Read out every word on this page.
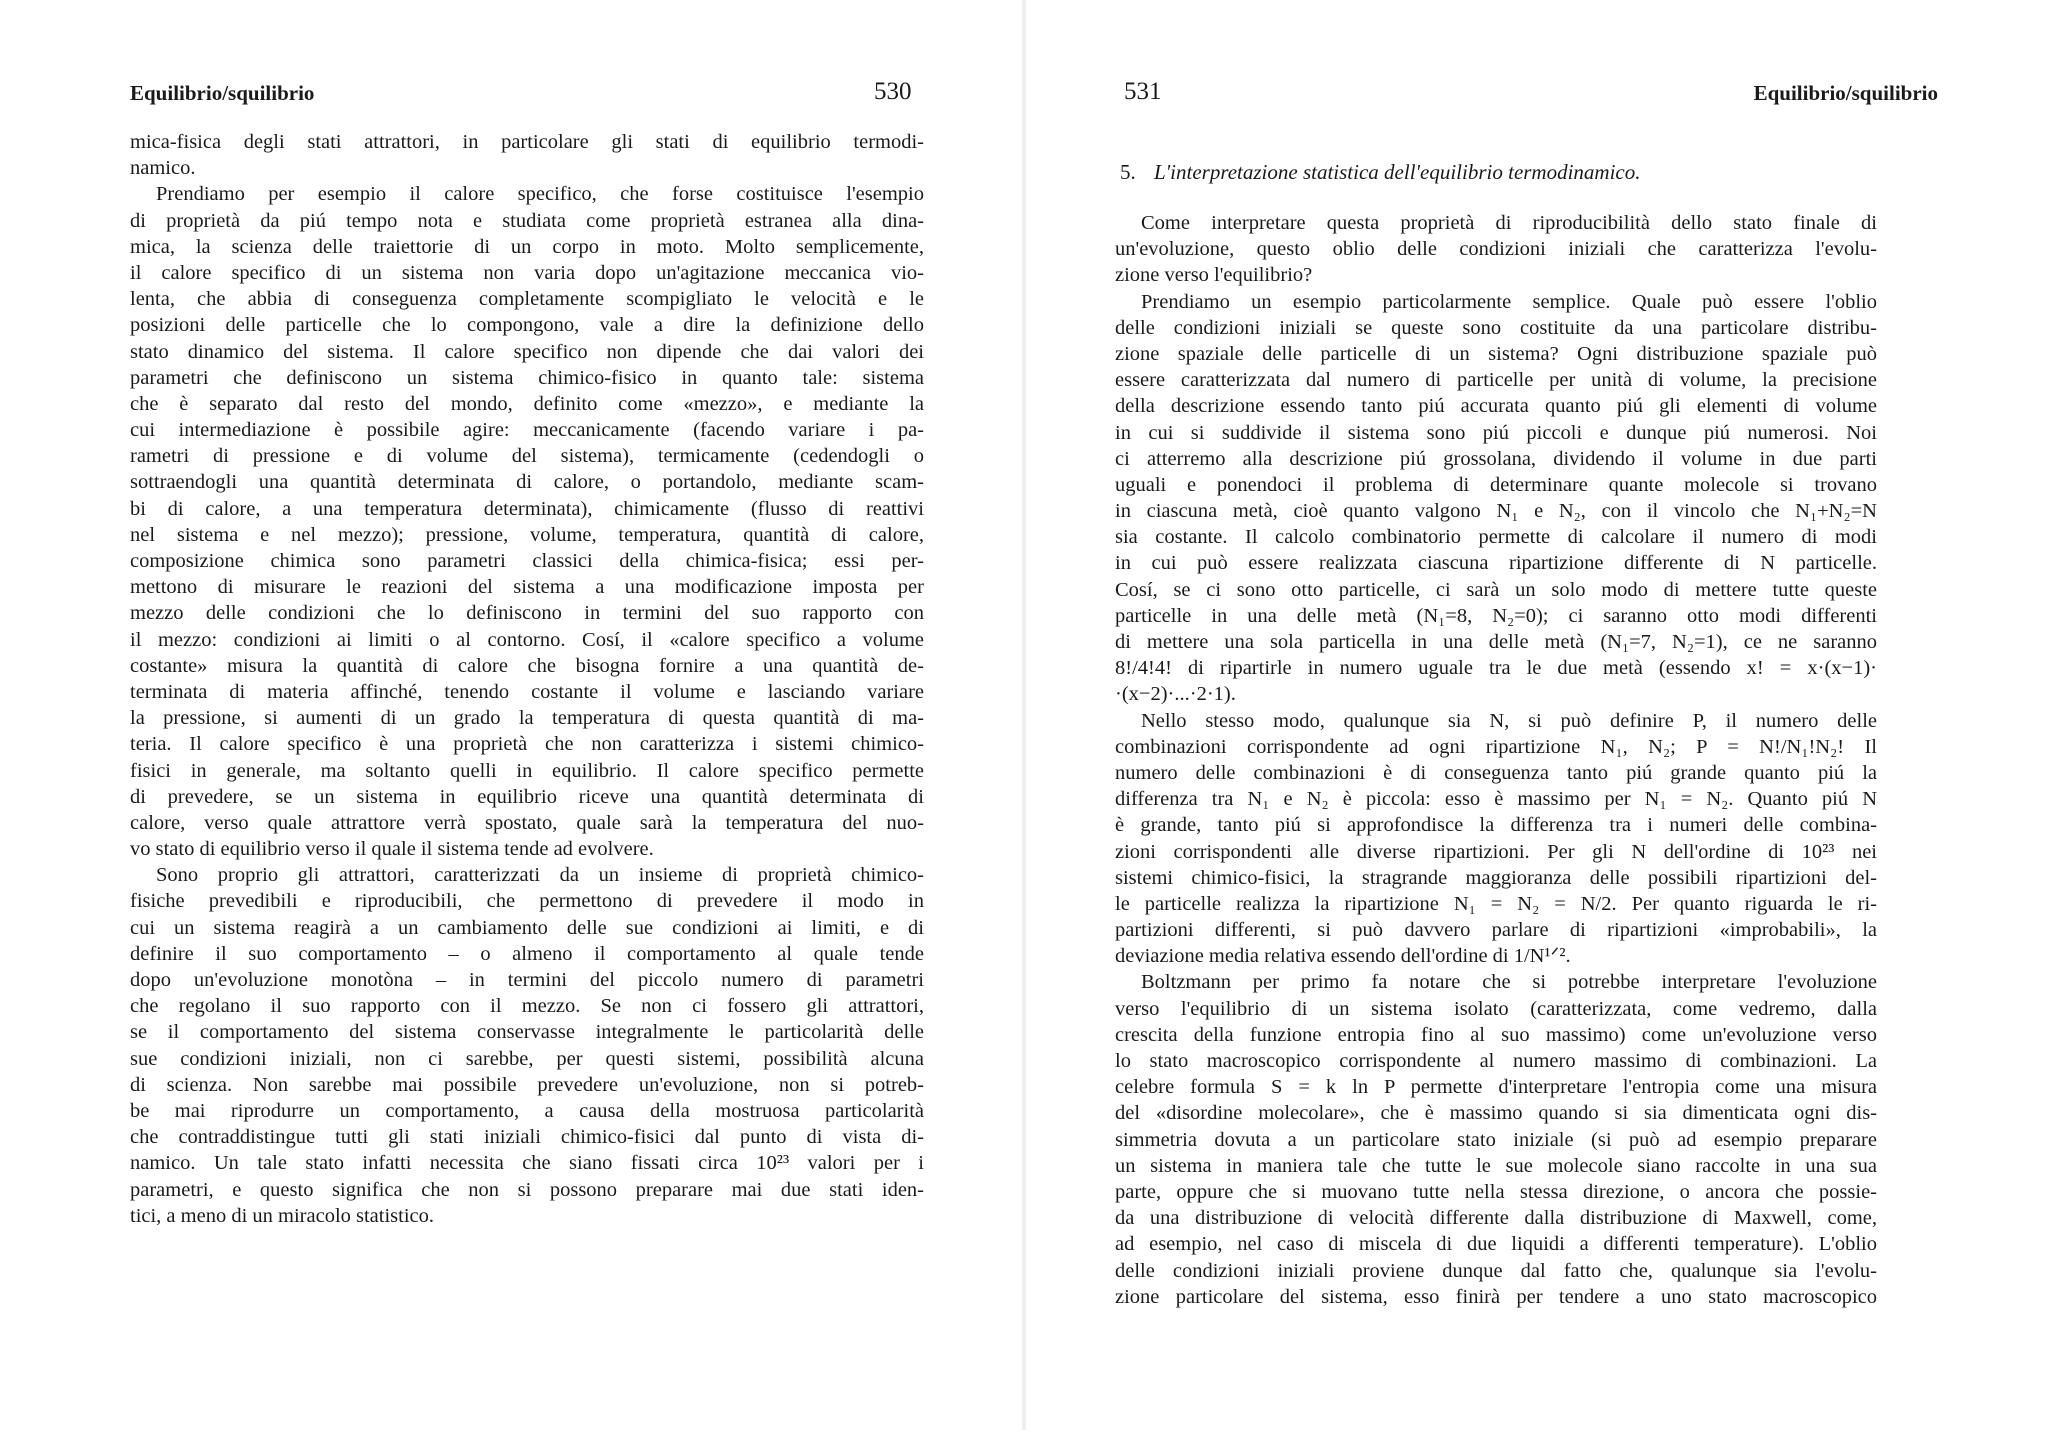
Equilibrio/squilibrio	530
mica-fisica degli stati attrattori, in particolare gli stati di equilibrio termodi-
namico.
Prendiamo per esempio il calore specifico, che forse costituisce l'esempio
di proprietà da piú tempo nota e studiata come proprietà estranea alla dina-
mica, la scienza delle traiettorie di un corpo in moto. Molto semplicemente,
il calore specifico di un sistema non varia dopo un'agitazione meccanica vio-
lenta, che abbia di conseguenza completamente scompigliato le velocità e le
posizioni delle particelle che lo compongono, vale a dire la definizione dello
stato dinamico del sistema. Il calore specifico non dipende che dai valori dei
parametri che definiscono un sistema chimico-fisico in quanto tale: sistema
che è separato dal resto del mondo, definito come «mezzo», e mediante la
cui intermediazione è possibile agire: meccanicamente (facendo variare i pa-
rametri di pressione e di volume del sistema), termicamente (cedendogli o
sottraendogli una quantità determinata di calore, o portandolo, mediante scam-
bi di calore, a una temperatura determinata), chimicamente (flusso di reattivi
nel sistema e nel mezzo); pressione, volume, temperatura, quantità di calore,
composizione chimica sono parametri classici della chimica-fisica; essi per-
mettono di misurare le reazioni del sistema a una modificazione imposta per
mezzo delle condizioni che lo definiscono in termini del suo rapporto con
il mezzo: condizioni ai limiti o al contorno. Cosí, il «calore specifico a volume
costante» misura la quantità di calore che bisogna fornire a una quantità de-
terminata di materia affinché, tenendo costante il volume e lasciando variare
la pressione, si aumenti di un grado la temperatura di questa quantità di ma-
teria. Il calore specifico è una proprietà che non caratterizza i sistemi chimico-
fisici in generale, ma soltanto quelli in equilibrio. Il calore specifico permette
di prevedere, se un sistema in equilibrio riceve una quantità determinata di
calore, verso quale attrattore verrà spostato, quale sarà la temperatura del nuo-
vo stato di equilibrio verso il quale il sistema tende ad evolvere.
Sono proprio gli attrattori, caratterizzati da un insieme di proprietà chimico-
fisiche prevedibili e riproducibili, che permettono di prevedere il modo in
cui un sistema reagirà a un cambiamento delle sue condizioni ai limiti, e di
definire il suo comportamento – o almeno il comportamento al quale tende
dopo un'evoluzione monotòna – in termini del piccolo numero di parametri
che regolano il suo rapporto con il mezzo. Se non ci fossero gli attrattori,
se il comportamento del sistema conservasse integralmente le particolarità delle
sue condizioni iniziali, non ci sarebbe, per questi sistemi, possibilità alcuna
di scienza. Non sarebbe mai possibile prevedere un'evoluzione, non si potreb-
be mai riprodurre un comportamento, a causa della mostruosa particolarità
che contraddistingue tutti gli stati iniziali chimico-fisici dal punto di vista di-
namico. Un tale stato infatti necessita che siano fissati circa 10²³ valori per i
parametri, e questo significa che non si possono preparare mai due stati iden-
tici, a meno di un miracolo statistico.
531	Equilibrio/squilibrio
5. L'interpretazione statistica dell'equilibrio termodinamico.
Come interpretare questa proprietà di riproducibilità dello stato finale di
un'evoluzione, questo oblio delle condizioni iniziali che caratterizza l'evolu-
zione verso l'equilibrio?
Prendiamo un esempio particolarmente semplice. Quale può essere l'oblio
delle condizioni iniziali se queste sono costituite da una particolare distribu-
zione spaziale delle particelle di un sistema? Ogni distribuzione spaziale può
essere caratterizzata dal numero di particelle per unità di volume, la precisione
della descrizione essendo tanto piú accurata quanto piú gli elementi di volume
in cui si suddivide il sistema sono piú piccoli e dunque piú numerosi. Noi
ci atterremo alla descrizione piú grossolana, dividendo il volume in due parti
uguali e ponendoci il problema di determinare quante molecole si trovano
in ciascuna metà, cioè quanto valgono N₁ e N₂, con il vincolo che N₁+N₂=N
sia costante. Il calcolo combinatorio permette di calcolare il numero di modi
in cui può essere realizzata ciascuna ripartizione differente di N particelle.
Cosí, se ci sono otto particelle, ci sarà un solo modo di mettere tutte queste
particelle in una delle metà (N₁=8, N₂=0); ci saranno otto modi differenti
di mettere una sola particella in una delle metà (N₁=7, N₂=1), ce ne saranno
8!/4!4! di ripartirle in numero uguale tra le due metà (essendo x! = x·(x−1)·
·(x−2)·...·2·1).
Nello stesso modo, qualunque sia N, si può definire P, il numero delle
combinazioni corrispondente ad ogni ripartizione N₁, N₂; P = N!/N₁!N₂! Il
numero delle combinazioni è di conseguenza tanto piú grande quanto piú la
differenza tra N₁ e N₂ è piccola: esso è massimo per N₁ = N₂. Quanto piú N
è grande, tanto piú si approfondisce la differenza tra i numeri delle combina-
zioni corrispondenti alle diverse ripartizioni. Per gli N dell'ordine di 10²³ nei
sistemi chimico-fisici, la stragrande maggioranza delle possibili ripartizioni del-
le particelle realizza la ripartizione N₁ = N₂ = N/2. Per quanto riguarda le ri-
partizioni differenti, si può davvero parlare di ripartizioni «improbabili», la
deviazione media relativa essendo dell'ordine di 1/N¹ᐟ².
Boltzmann per primo fa notare che si potrebbe interpretare l'evoluzione
verso l'equilibrio di un sistema isolato (caratterizzata, come vedremo, dalla
crescita della funzione entropia fino al suo massimo) come un'evoluzione verso
lo stato macroscopico corrispondente al numero massimo di combinazioni. La
celebre formula S = k ln P permette d'interpretare l'entropia come una misura
del «disordine molecolare», che è massimo quando si sia dimenticata ogni dis-
simmetria dovuta a un particolare stato iniziale (si può ad esempio preparare
un sistema in maniera tale che tutte le sue molecole siano raccolte in una sua
parte, oppure che si muovano tutte nella stessa direzione, o ancora che possie-
da una distribuzione di velocità differente dalla distribuzione di Maxwell, come,
ad esempio, nel caso di miscela di due liquidi a differenti temperature). L'oblio
delle condizioni iniziali proviene dunque dal fatto che, qualunque sia l'evolu-
zione particolare del sistema, esso finirà per tendere a uno stato macroscopico
